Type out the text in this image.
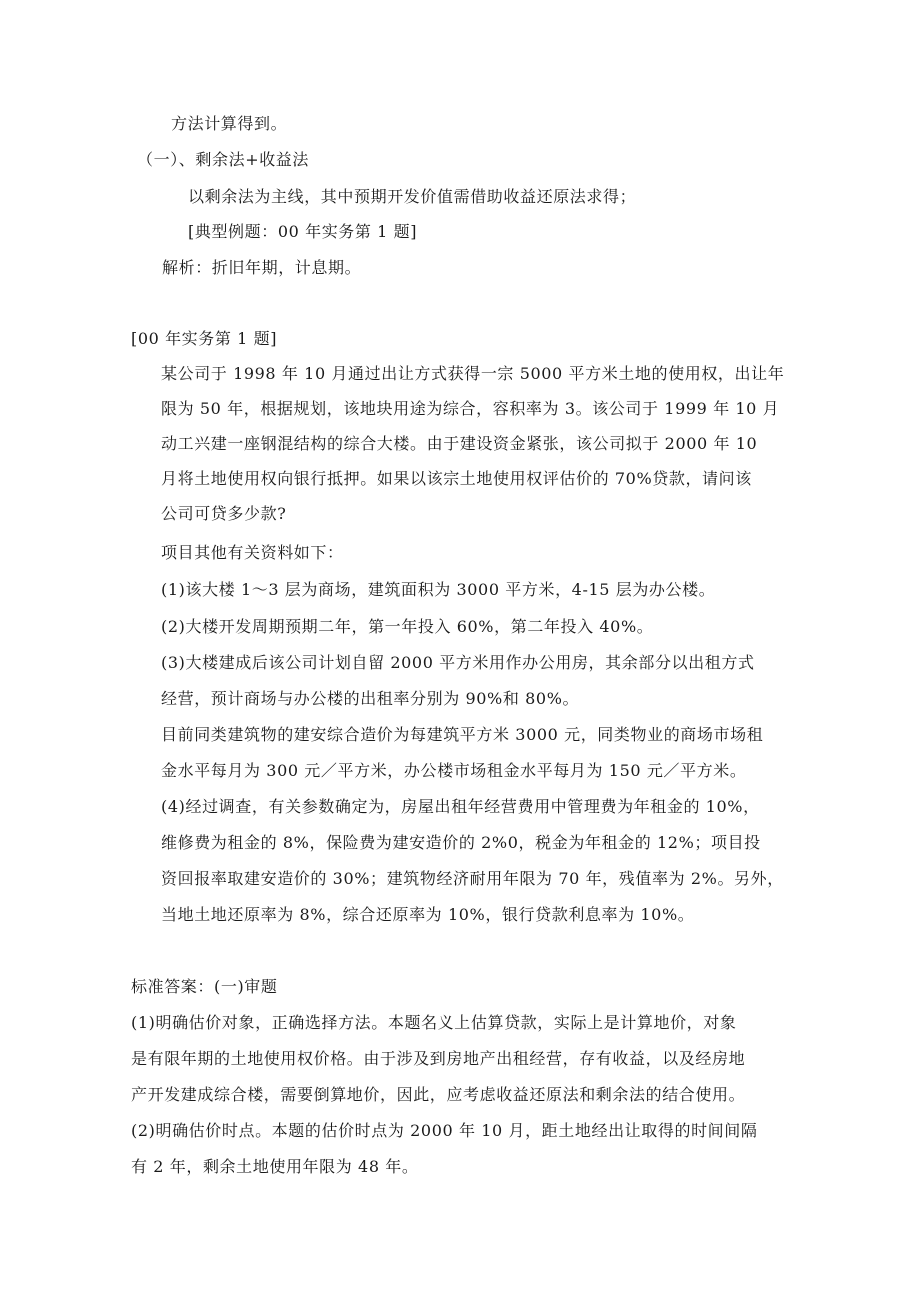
方法计算得到。
（一）、剩余法+收益法
以剩余法为主线，其中预期开发价值需借助收益还原法求得；
[典型例题：00 年实务第 1 题]
解析：折旧年期，计息期。
[00 年实务第 1 题]
某公司于 1998 年 10 月通过出让方式获得一宗 5000 平方米土地的使用权，出让年
限为 50 年，根据规划，该地块用途为综合，容积率为 3。该公司于 1999 年 10 月
动工兴建一座钢混结构的综合大楼。由于建设资金紧张，该公司拟于 2000 年 10
月将土地使用权向银行抵押。如果以该宗土地使用权评估价的 70%贷款，请问该
公司可贷多少款?
项目其他有关资料如下：
(1)该大楼 1～3 层为商场，建筑面积为 3000 平方米，4-15 层为办公楼。
(2)大楼开发周期预期二年，第一年投入 60%，第二年投入 40%。
(3)大楼建成后该公司计划自留 2000 平方米用作办公用房，其余部分以出租方式
经营，预计商场与办公楼的出租率分别为 90%和 80%。
目前同类建筑物的建安综合造价为每建筑平方米 3000 元，同类物业的商场市场租
金水平每月为 300 元／平方米，办公楼市场租金水平每月为 150 元／平方米。
(4)经过调查，有关参数确定为，房屋出租年经营费用中管理费为年租金的 10%，
维修费为租金的 8%，保险费为建安造价的 2%0，税金为年租金的 12%；项目投
资回报率取建安造价的 30%；建筑物经济耐用年限为 70 年，残值率为 2%。另外，
当地土地还原率为 8%，综合还原率为 10%，银行贷款利息率为 10%。
标准答案：(一)审题
(1)明确估价对象，正确选择方法。本题名义上估算贷款，实际上是计算地价，对象
是有限年期的土地使用权价格。由于涉及到房地产出租经营，存有收益，以及经房地
产开发建成综合楼，需要倒算地价，因此，应考虑收益还原法和剩余法的结合使用。
(2)明确估价时点。本题的估价时点为 2000 年 10 月，距土地经出让取得的时间间隔
有 2 年，剩余土地使用年限为 48 年。
